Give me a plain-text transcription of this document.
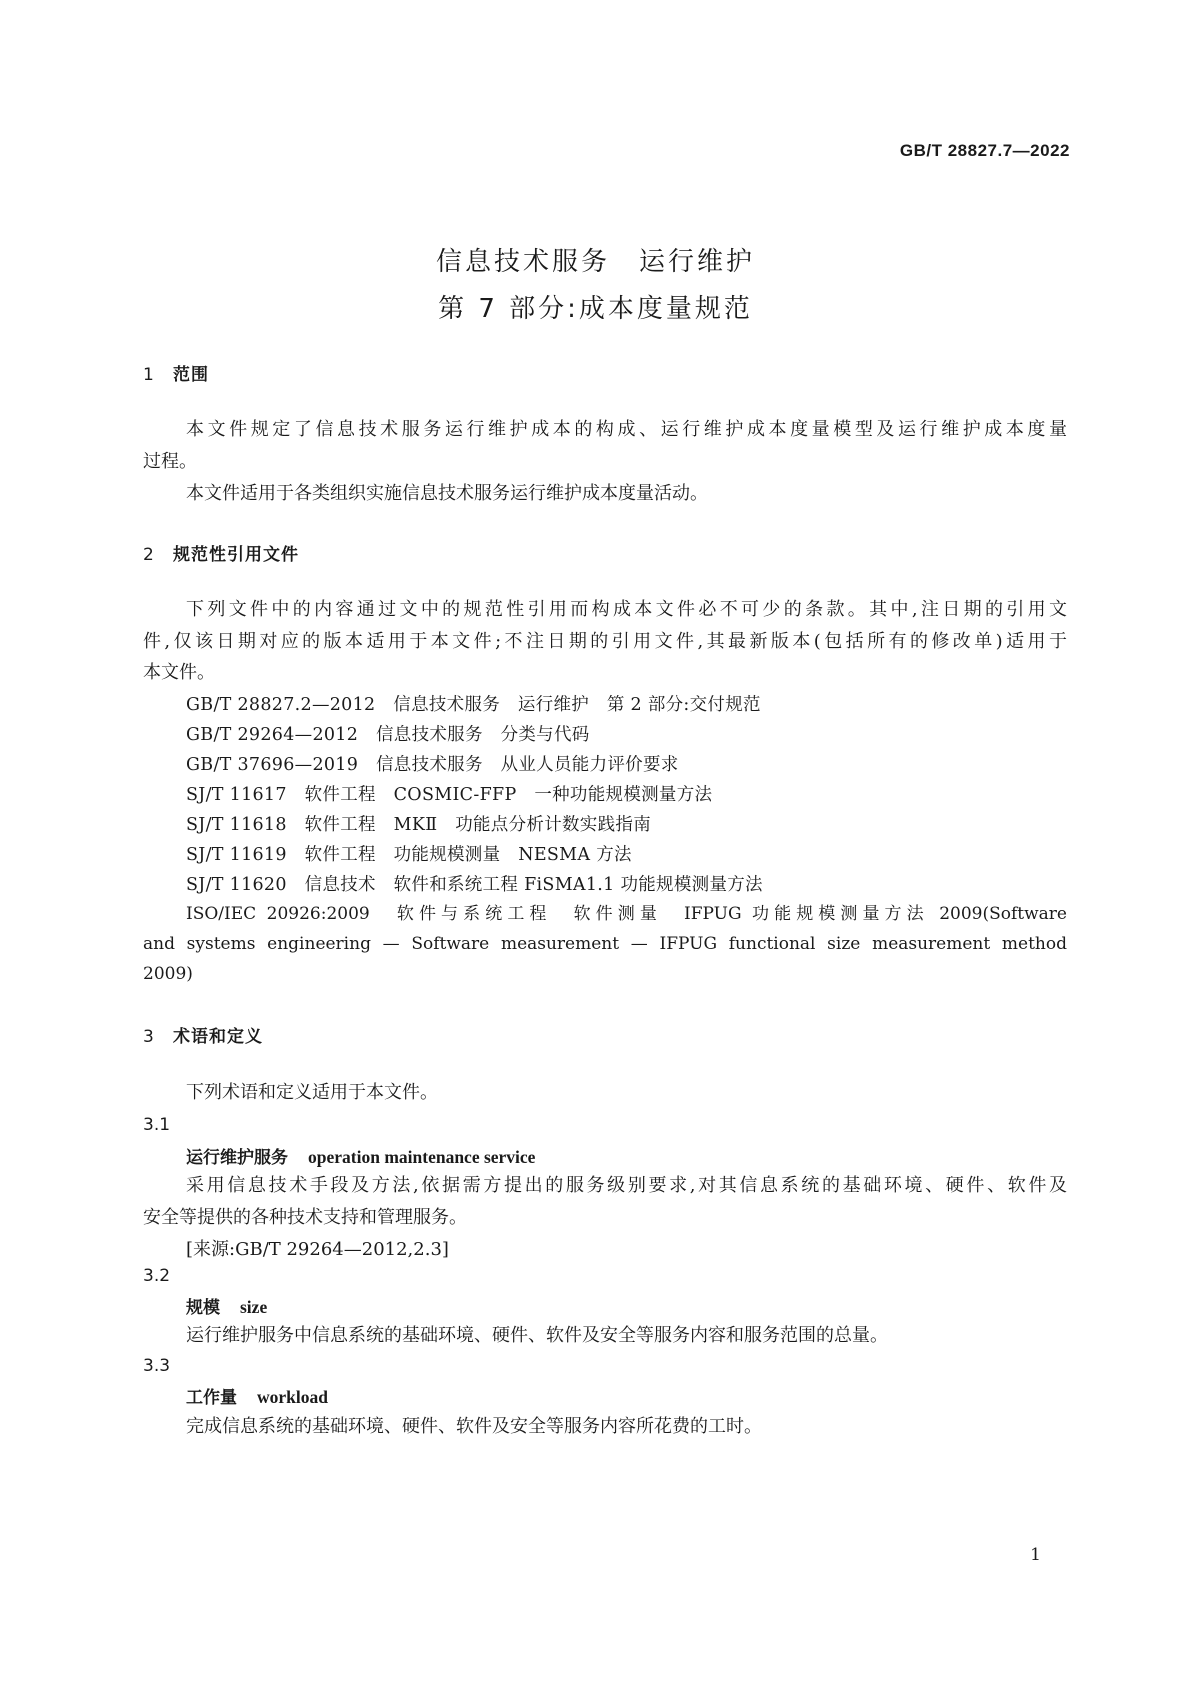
GB/T 28827.7—2022
信息技术服务　运行维护
第 7 部分:成本度量规范
1 范围
本文件规定了信息技术服务运行维护成本的构成、运行维护成本度量模型及运行维护成本度量
过程。
本文件适用于各类组织实施信息技术服务运行维护成本度量活动。
2 规范性引用文件
下列文件中的内容通过文中的规范性引用而构成本文件必不可少的条款。其中,注日期的引用文
件,仅该日期对应的版本适用于本文件;不注日期的引用文件,其最新版本(包括所有的修改单)适用于
本文件。
GB/T 28827.2—2012　信息技术服务　运行维护　第 2 部分:交付规范
GB/T 29264—2012　信息技术服务　分类与代码
GB/T 37696—2019　信息技术服务　从业人员能力评价要求
SJ/T 11617　软件工程　COSMIC-FFP　一种功能规模测量方法
SJ/T 11618　软件工程　MKⅡ　功能点分析计数实践指南
SJ/T 11619　软件工程　功能规模测量　NESMA 方法
SJ/T 11620　信息技术　软件和系统工程 FiSMA1.1 功能规模测量方法
ISO/IEC 20926:2009　软件与系统工程　软件测量　IFPUG 功能规模测量方法 2009(Software
and systems engineering — Software measurement — IFPUG functional size measurement method
2009)
3 术语和定义
下列术语和定义适用于本文件。
3.1
运行维护服务 operation maintenance service
采用信息技术手段及方法,依据需方提出的服务级别要求,对其信息系统的基础环境、硬件、软件及
安全等提供的各种技术支持和管理服务。
[来源:GB/T 29264—2012,2.3]
3.2
规模 size
运行维护服务中信息系统的基础环境、硬件、软件及安全等服务内容和服务范围的总量。
3.3
工作量 workload
完成信息系统的基础环境、硬件、软件及安全等服务内容所花费的工时。
1
